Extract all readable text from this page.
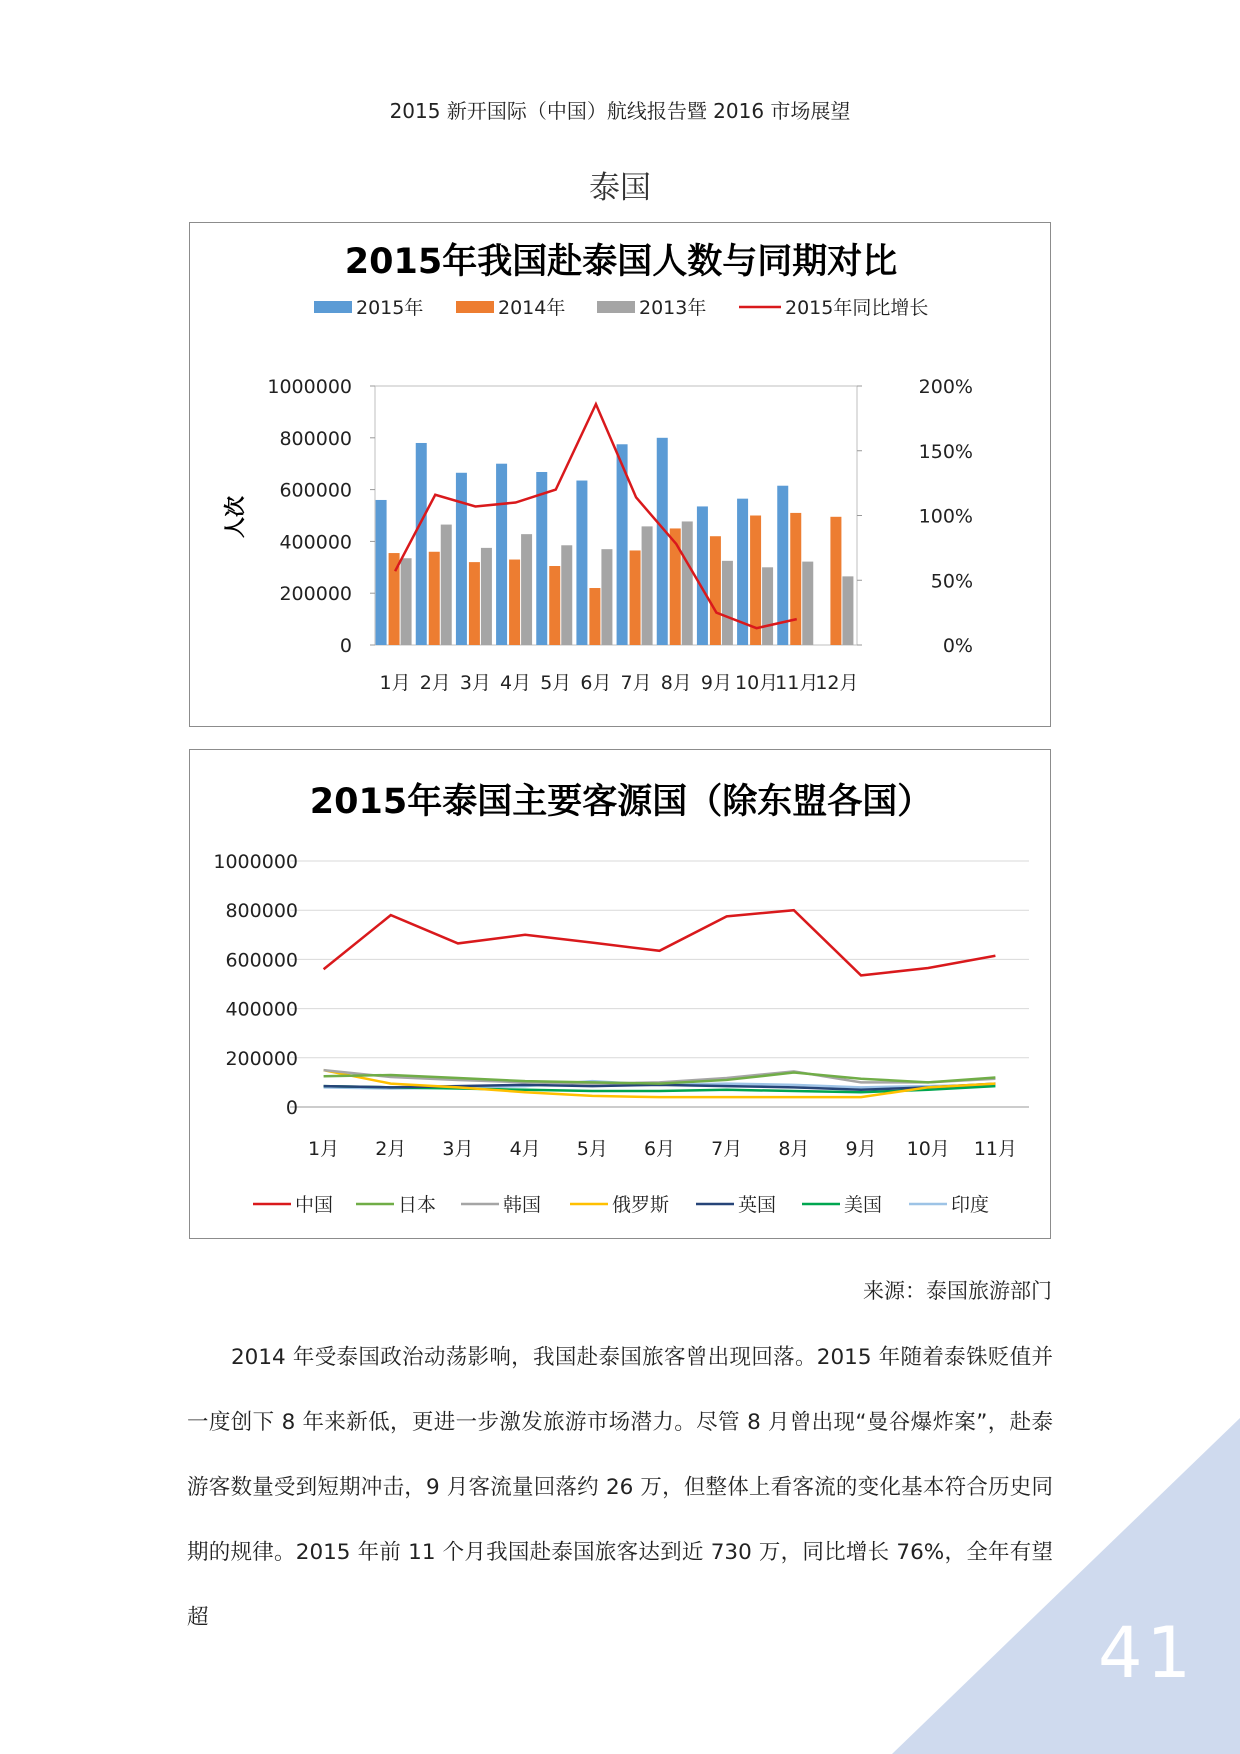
2015 新开国际（中国）航线报告暨 2016 市场展望
泰国
2015年我国赴泰国人数与同期对比
2015年	2014年	2013年	2015年同比增长
1000000
800000
600000
400000
200000
0
200%
150%
100%
50%
0%
人次
1月 2月 3月 4月 5月 6月 7月 8月 9月 10月
11月
12月
2015年泰国主要客源国（除东盟各国）
1000000
800000
600000
400000
200000
0
1月 2月 3月 4月 5月 6月 7月 8月 9月 10月 11月
中国	日本	韩国	俄罗斯	英国	美国	印度
来源：泰国旅游部门
2014 年受泰国政治动荡影响，我国赴泰国旅客曾出现回落。2015 年随着泰铢贬值并一度创下 8 年来新低，更进一步激发旅游市场潜力。尽管 8 月曾出现“曼谷爆炸案”，赴泰游客数量受到短期冲击，9 月客流量回落约 26 万，但整体上看客流的变化基本符合历史同期的规律。2015 年前 11 个月我国赴泰国旅客达到近 730 万，同比增长 76%，全年有望超	41
